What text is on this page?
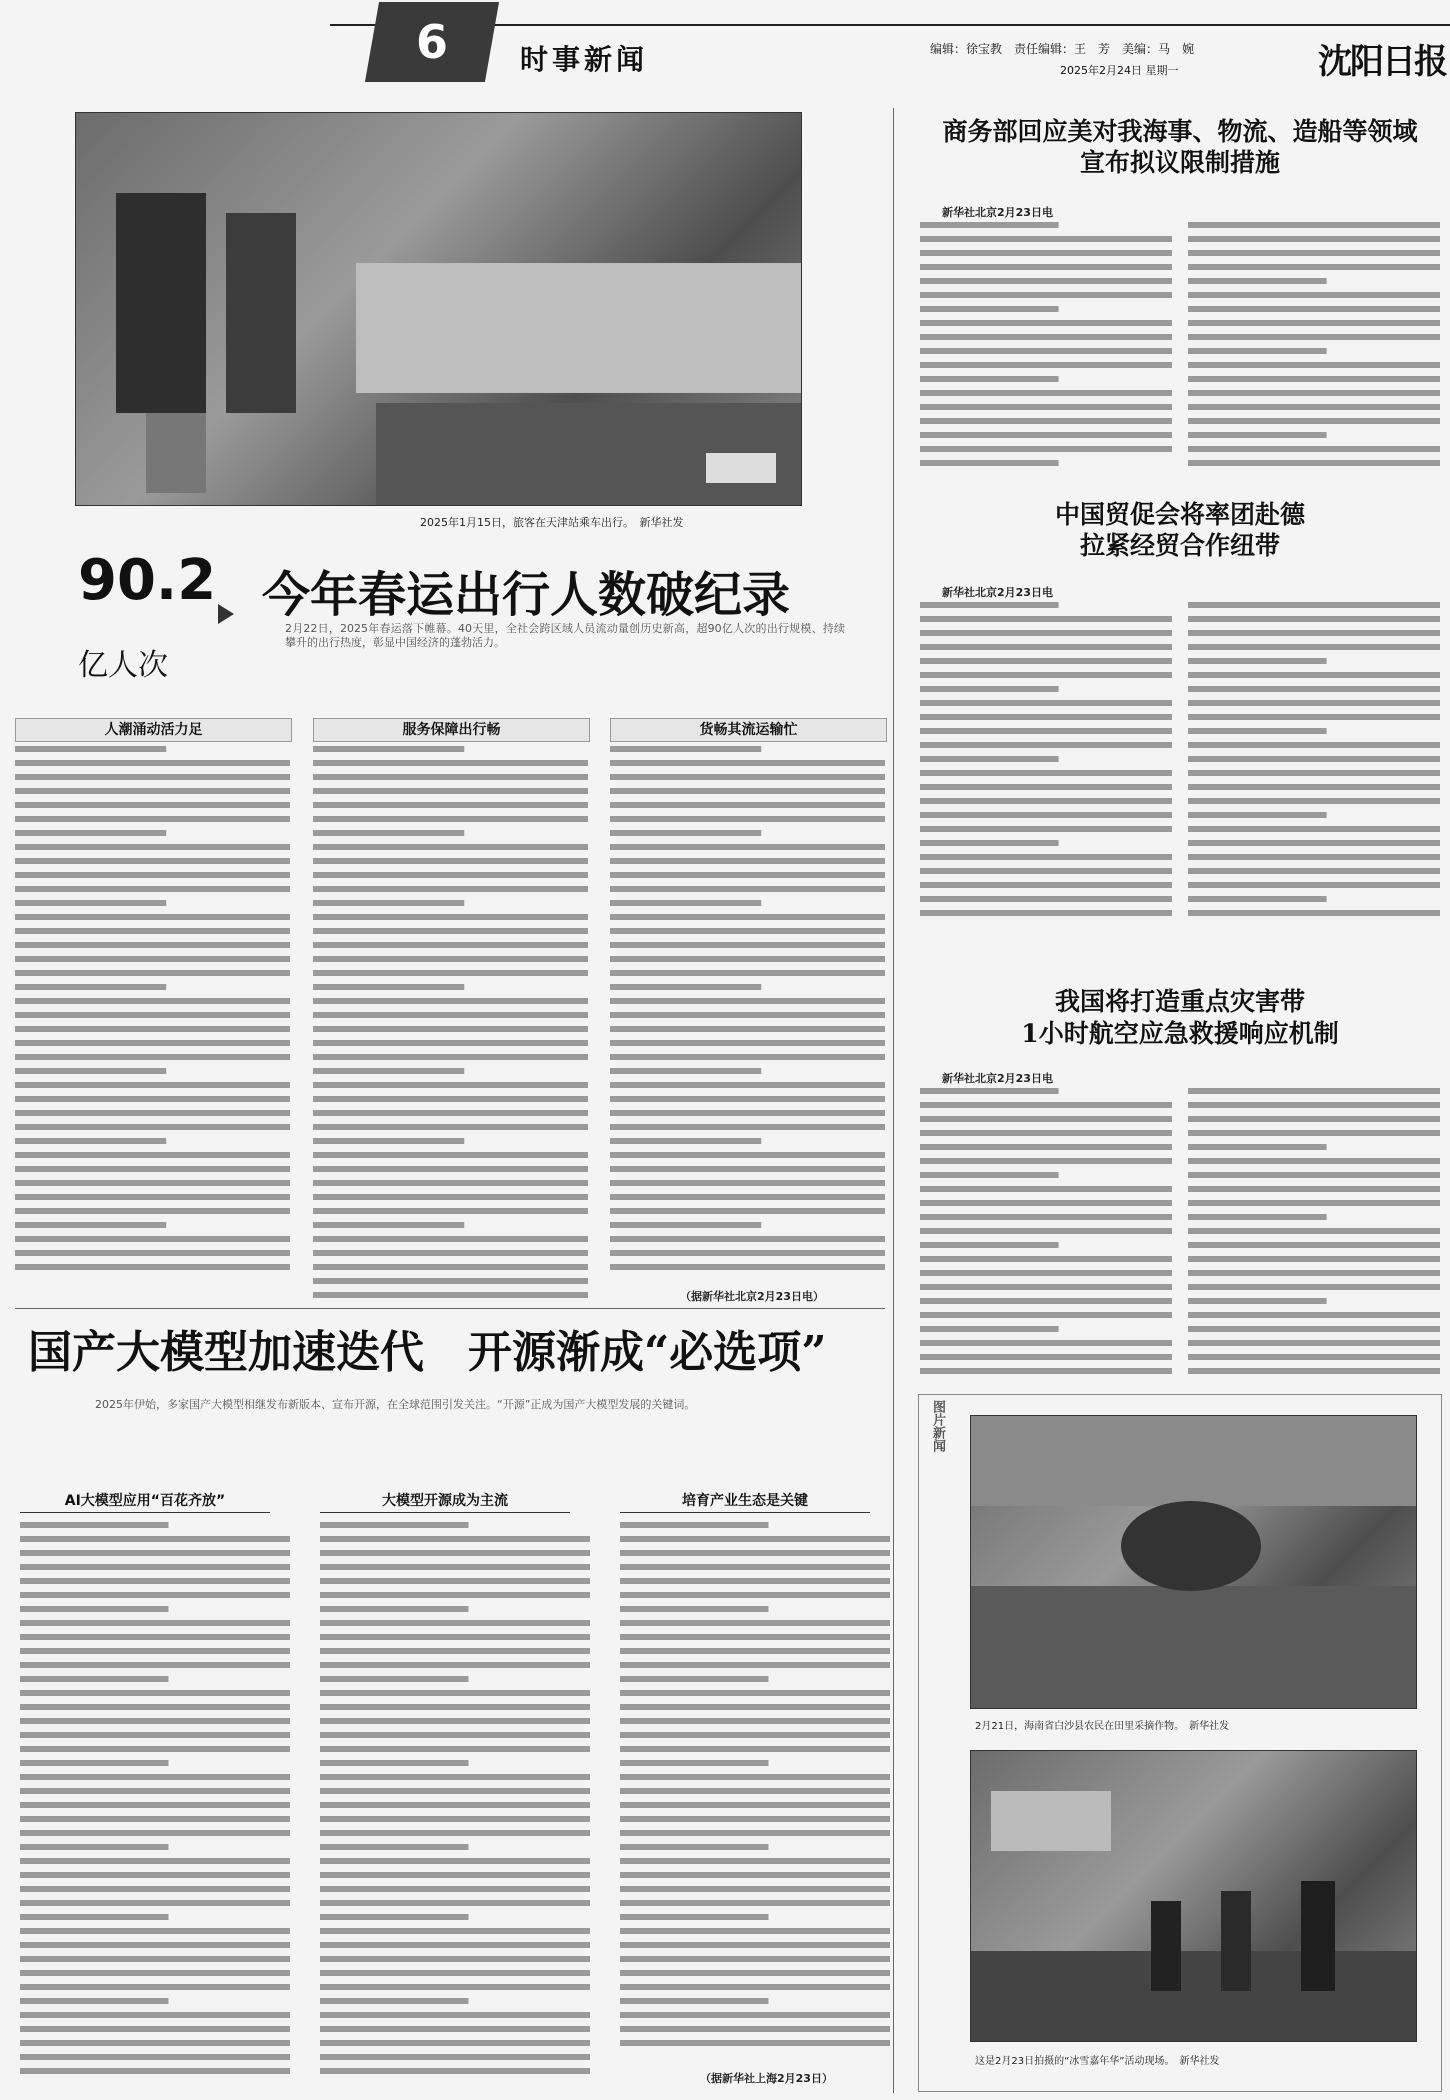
6	时事新闻	编辑：徐宝教　责任编辑：王　芳　美编：马　婉
2025年2月24日 星期一	沈阳日报
2025年1月15日，旅客在天津站乘车出行。　新华社发
90.2
亿人次
今年春运出行人数破纪录
2月22日，2025年春运落下帷幕。40天里，全社会跨区域人员流动量创历史新高，超90亿人次的出行规模、持续攀升的出行热度，彰显中国经济的蓬勃活力。
人潮涌动活力足	服务保障出行畅	货畅其流运输忙
（据新华社北京2月23日电）
国产大模型加速迭代　开源渐成“必选项”
2025年伊始，多家国产大模型相继发布新版本、宣布开源，在全球范围引发关注。“开源”正成为国产大模型发展的关键词。
AI大模型应用“百花齐放”	大模型开源成为主流	培育产业生态是关键
（据新华社上海2月23日）
商务部回应美对我海事、物流、造船等领域
宣布拟议限制措施
新华社北京2月23日电
中国贸促会将率团赴德
拉紧经贸合作纽带
新华社北京2月23日电
我国将打造重点灾害带
1小时航空应急救援响应机制
新华社北京2月23日电
图片新闻
2月21日，海南省白沙县农民在田里采摘作物。　新华社发
这是2月23日拍摄的“冰雪嘉年华”活动现场。　新华社发
